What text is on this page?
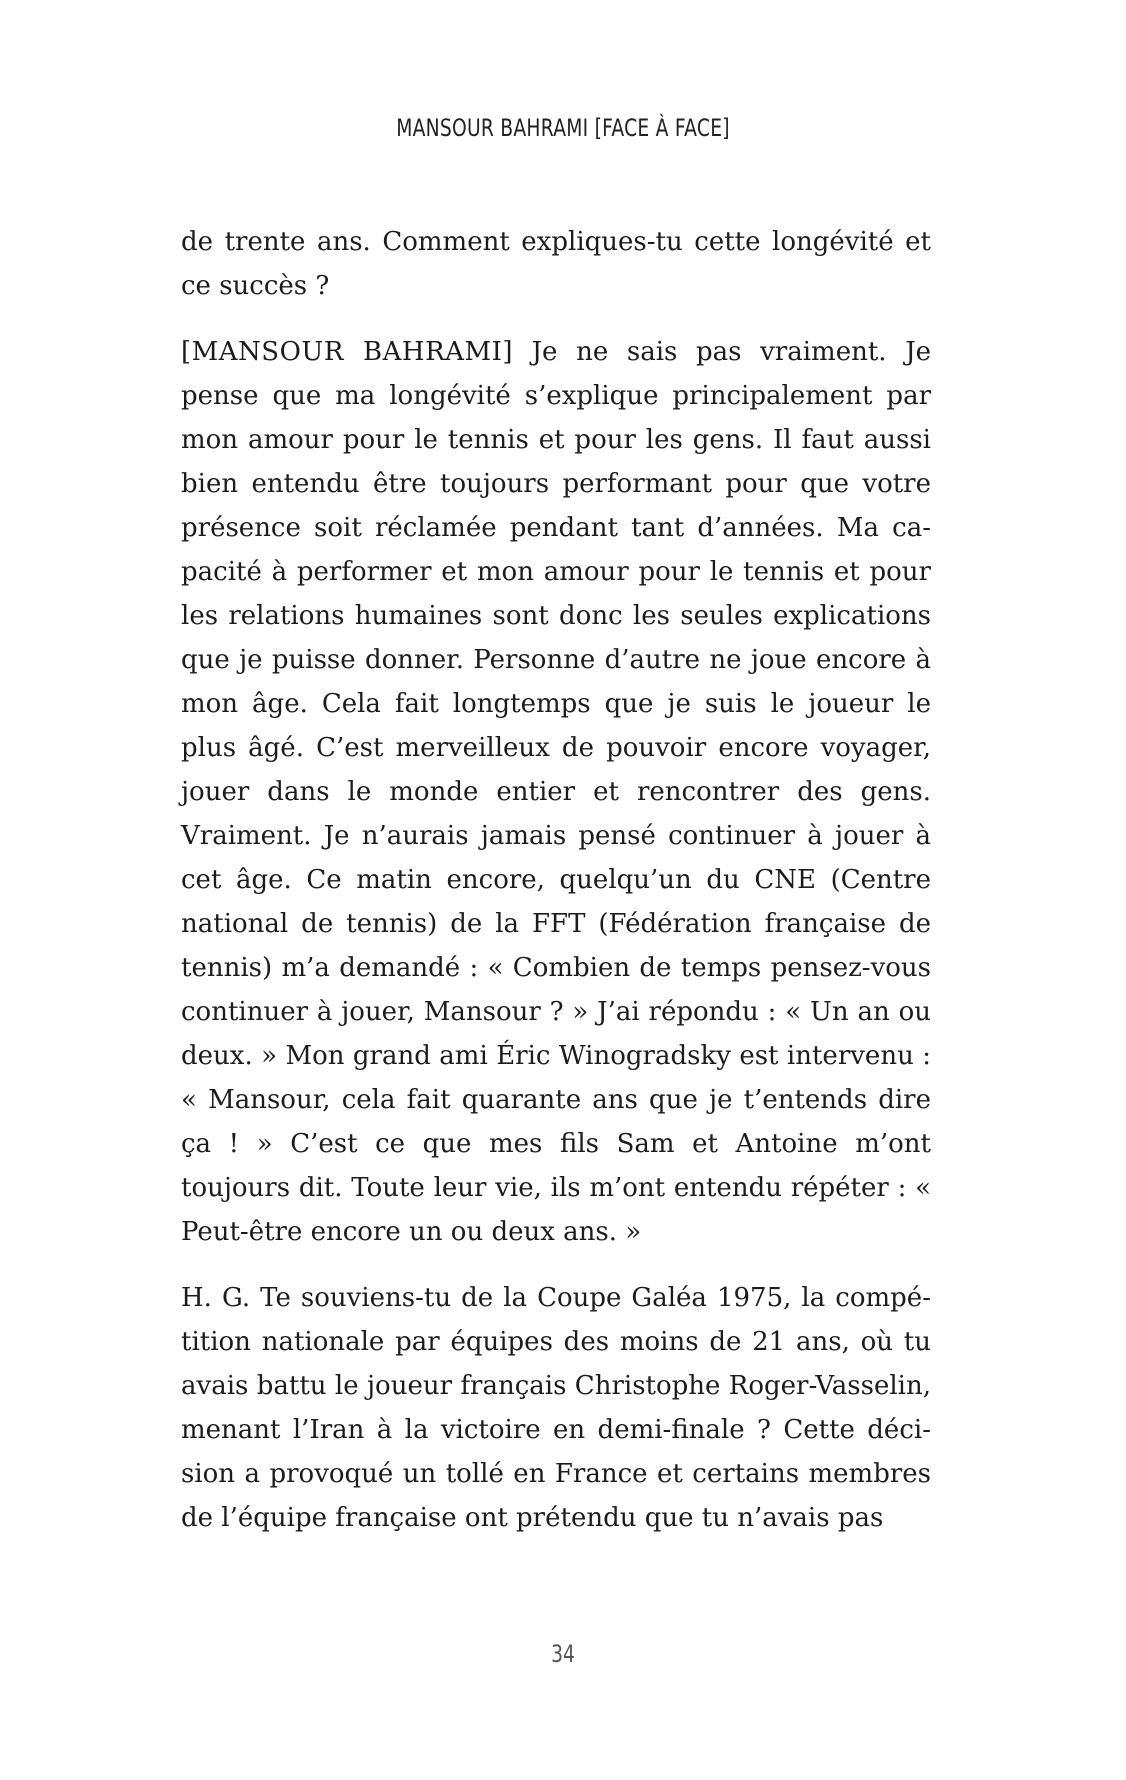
MANSOUR BAHRAMI [FACE À FACE]

de trente ans. Comment expliques-tu cette longévité et ce succès ?

[MANSOUR BAHRAMI] Je ne sais pas vraiment. Je pense que ma longévité s’explique principalement par mon amour pour le tennis et pour les gens. Il faut aussi bien entendu être toujours performant pour que votre présence soit réclamée pendant tant d’années. Ma capacité à performer et mon amour pour le tennis et pour les relations humaines sont donc les seules explications que je puisse donner. Personne d’autre ne joue encore à mon âge. Cela fait longtemps que je suis le joueur le plus âgé. C’est merveilleux de pouvoir encore voyager, jouer dans le monde entier et rencontrer des gens. Vraiment. Je n’aurais jamais pensé continuer à jouer à cet âge. Ce matin encore, quelqu’un du CNE (Centre national de tennis) de la FFT (Fédération française de tennis) m’a demandé : « Combien de temps pensez-vous continuer à jouer, Mansour ? » J’ai répondu : « Un an ou deux. » Mon grand ami Éric Winogradsky est intervenu : « Mansour, cela fait quarante ans que je t’entends dire ça ! » C’est ce que mes fils Sam et Antoine m’ont toujours dit. Toute leur vie, ils m’ont entendu répéter : « Peut-être encore un ou deux ans. »

H. G. Te souviens-tu de la Coupe Galéa 1975, la compétition nationale par équipes des moins de 21 ans, où tu avais battu le joueur français Christophe Roger-Vasselin, menant l’Iran à la victoire en demi-finale ? Cette décision a provoqué un tollé en France et certains membres de l’équipe française ont prétendu que tu n’avais pas

34
